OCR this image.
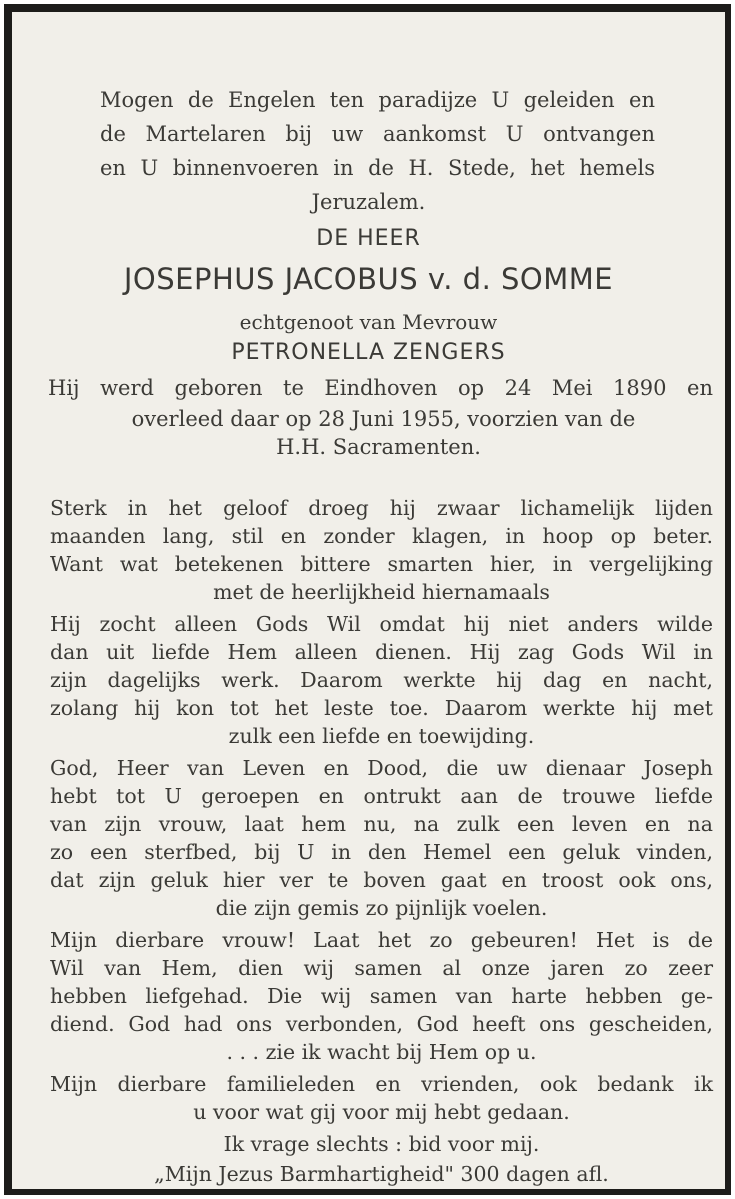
Mogen de Engelen ten paradijze U geleiden en

de Martelaren bij uw aankomst U ontvangen

en U binnenvoeren in de H. Stede, het hemels

Jeruzalem.

DE HEER

JOSEPHUS JACOBUS v. d. SOMME

echtgenoot van Mevrouw

PETRONELLA ZENGERS

Hij werd geboren te Eindhoven op 24 Mei 1890 en

overleed daar op 28 Juni 1955, voorzien van de

H.H. Sacramenten.

Sterk in het geloof droeg hij zwaar lichamelijk lijden

maanden lang, stil en zonder klagen, in hoop op beter.

Want wat betekenen bittere smarten hier, in vergelijking

met de heerlijkheid hiernamaals

Hij zocht alleen Gods Wil omdat hij niet anders wilde

dan uit liefde Hem alleen dienen. Hij zag Gods Wil in

zijn dagelijks werk. Daarom werkte hij dag en nacht,

zolang hij kon tot het leste toe. Daarom werkte hij met

zulk een liefde en toewijding.

God, Heer van Leven en Dood, die uw dienaar Joseph

hebt tot U geroepen en ontrukt aan de trouwe liefde

van zijn vrouw, laat hem nu, na zulk een leven en na

zo een sterfbed, bij U in den Hemel een geluk vinden,

dat zijn geluk hier ver te boven gaat en troost ook ons,

die zijn gemis zo pijnlijk voelen.

Mijn dierbare vrouw! Laat het zo gebeuren! Het is de

Wil van Hem, dien wij samen al onze jaren zo zeer

hebben liefgehad. Die wij samen van harte hebben ge-

diend. God had ons verbonden, God heeft ons gescheiden,

. . . zie ik wacht bij Hem op u.

Mijn dierbare familieleden en vrienden, ook bedank ik

u voor wat gij voor mij hebt gedaan.

Ik vrage slechts : bid voor mij.

„Mijn Jezus Barmhartigheid" 300 dagen afl.
